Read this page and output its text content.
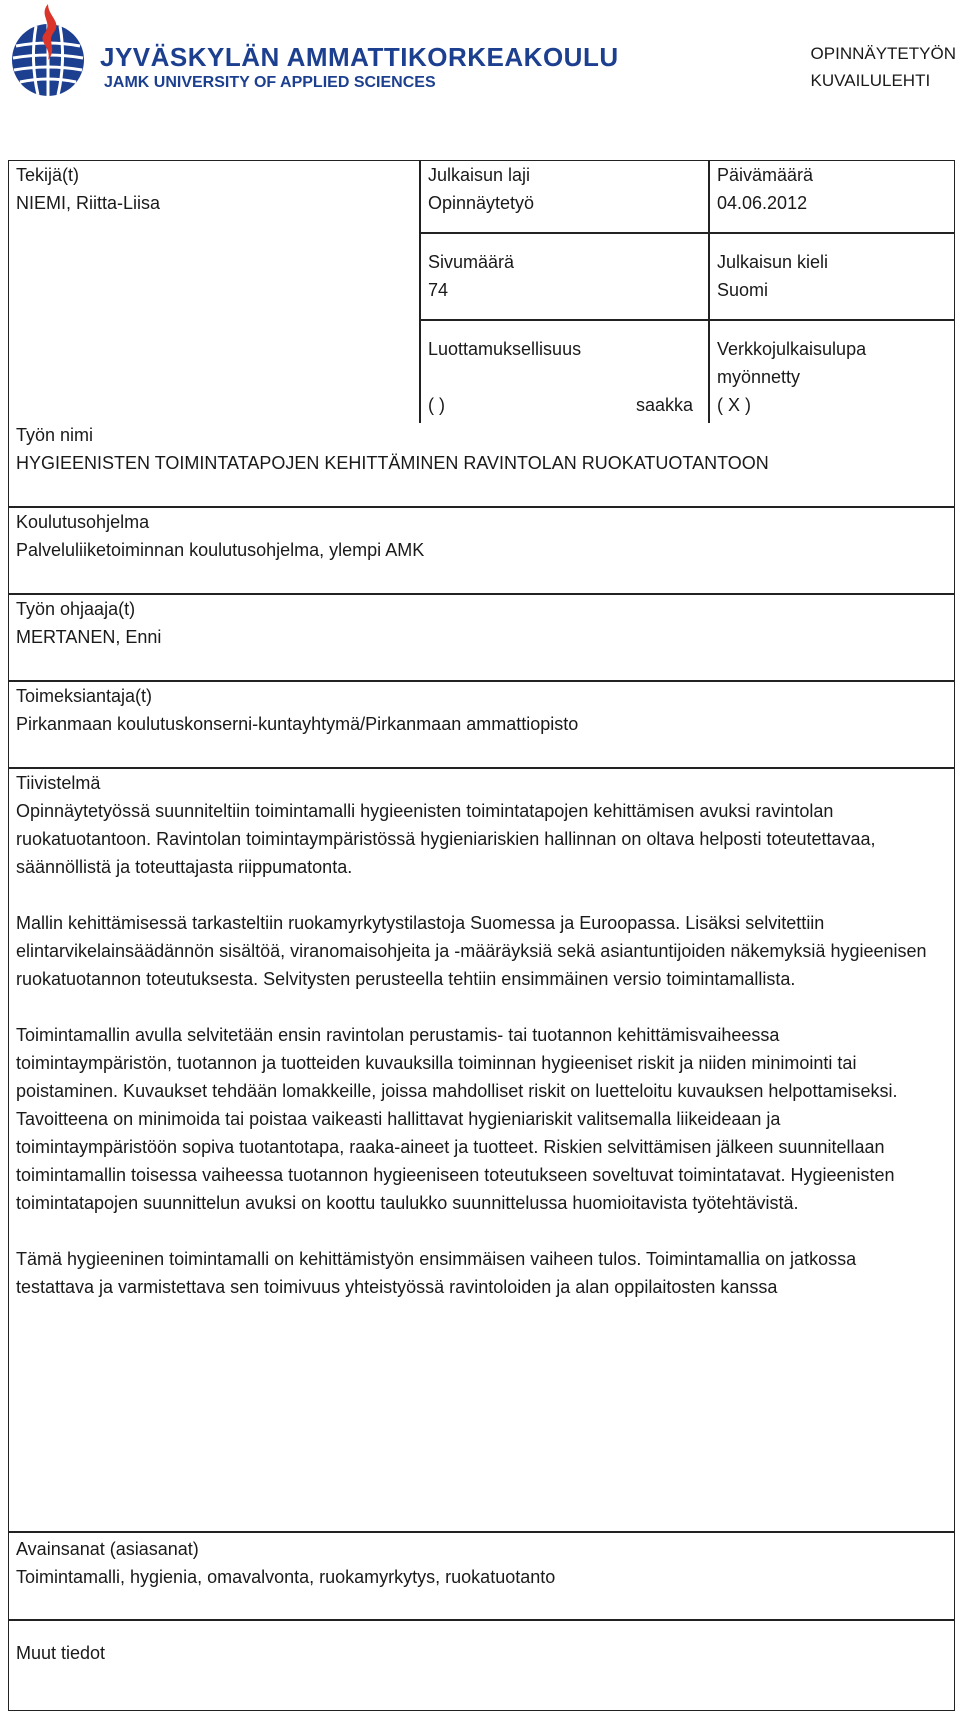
JYVÄSKYLÄN AMMATTIKORKEAKOULU
JAMK UNIVERSITY OF APPLIED SCIENCES
OPINNÄYTETYÖN
KUVAILULEHTI
Tekijä(t)
NIEMI, Riitta-Liisa
Julkaisun laji
Opinnäytetyö
Päivämäärä
04.06.2012
Sivumäärä
74
Julkaisun kieli
Suomi
Luottamuksellisuus
( )	saakka
Verkkojulkaisulupa
myönnetty
( X )
Työn nimi
HYGIEENISTEN TOIMINTATAPOJEN KEHITTÄMINEN RAVINTOLAN RUOKATUOTANTOON
Koulutusohjelma
Palveluliiketoiminnan koulutusohjelma, ylempi AMK
Työn ohjaaja(t)
MERTANEN, Enni
Toimeksiantaja(t)
Pirkanmaan koulutuskonserni-kuntayhtymä/Pirkanmaan ammattiopisto
Tiivistelmä
Opinnäytetyössä suunniteltiin toimintamalli hygieenisten toimintatapojen kehittämisen avuksi ravintolan ruokatuotantoon. Ravintolan toimintaympäristössä hygieniariskien hallinnan on oltava helposti toteutettavaa, säännöllistä ja toteuttajasta riippumatonta.
Mallin kehittämisessä tarkasteltiin ruokamyrkytystilastoja Suomessa ja Euroopassa. Lisäksi selvitettiin elintarvikelainsäädännön sisältöä, viranomaisohjeita ja -määräyksiä sekä asiantuntijoiden näkemyksiä hygieenisen ruokatuotannon toteutuksesta. Selvitysten perusteella tehtiin ensimmäinen versio toimintamallista.
Toimintamallin avulla selvitetään ensin ravintolan perustamis- tai tuotannon kehittämisvaiheessa toimintaympäristön, tuotannon ja tuotteiden kuvauksilla toiminnan hygieeniset riskit ja niiden minimointi tai poistaminen. Kuvaukset tehdään lomakkeille, joissa mahdolliset riskit on luetteloitu kuvauksen helpottamiseksi. Tavoitteena on minimoida tai poistaa vaikeasti hallittavat hygieniariskit valitsemalla liikeideaan ja toimintaympäristöön sopiva tuotantotapa, raaka-aineet ja tuotteet. Riskien selvittämisen jälkeen suunnitellaan toimintamallin toisessa vaiheessa tuotannon hygieeniseen toteutukseen soveltuvat toimintatavat. Hygieenisten toimintatapojen suunnittelun avuksi on koottu taulukko suunnittelussa huomioitavista työtehtävistä.
Tämä hygieeninen toimintamalli on kehittämistyön ensimmäisen vaiheen tulos. Toimintamallia on jatkossa testattava ja varmistettava sen toimivuus yhteistyössä ravintoloiden ja alan oppilaitosten kanssa
Avainsanat (asiasanat)
Toimintamalli, hygienia, omavalvonta, ruokamyrkytys, ruokatuotanto
Muut tiedot
